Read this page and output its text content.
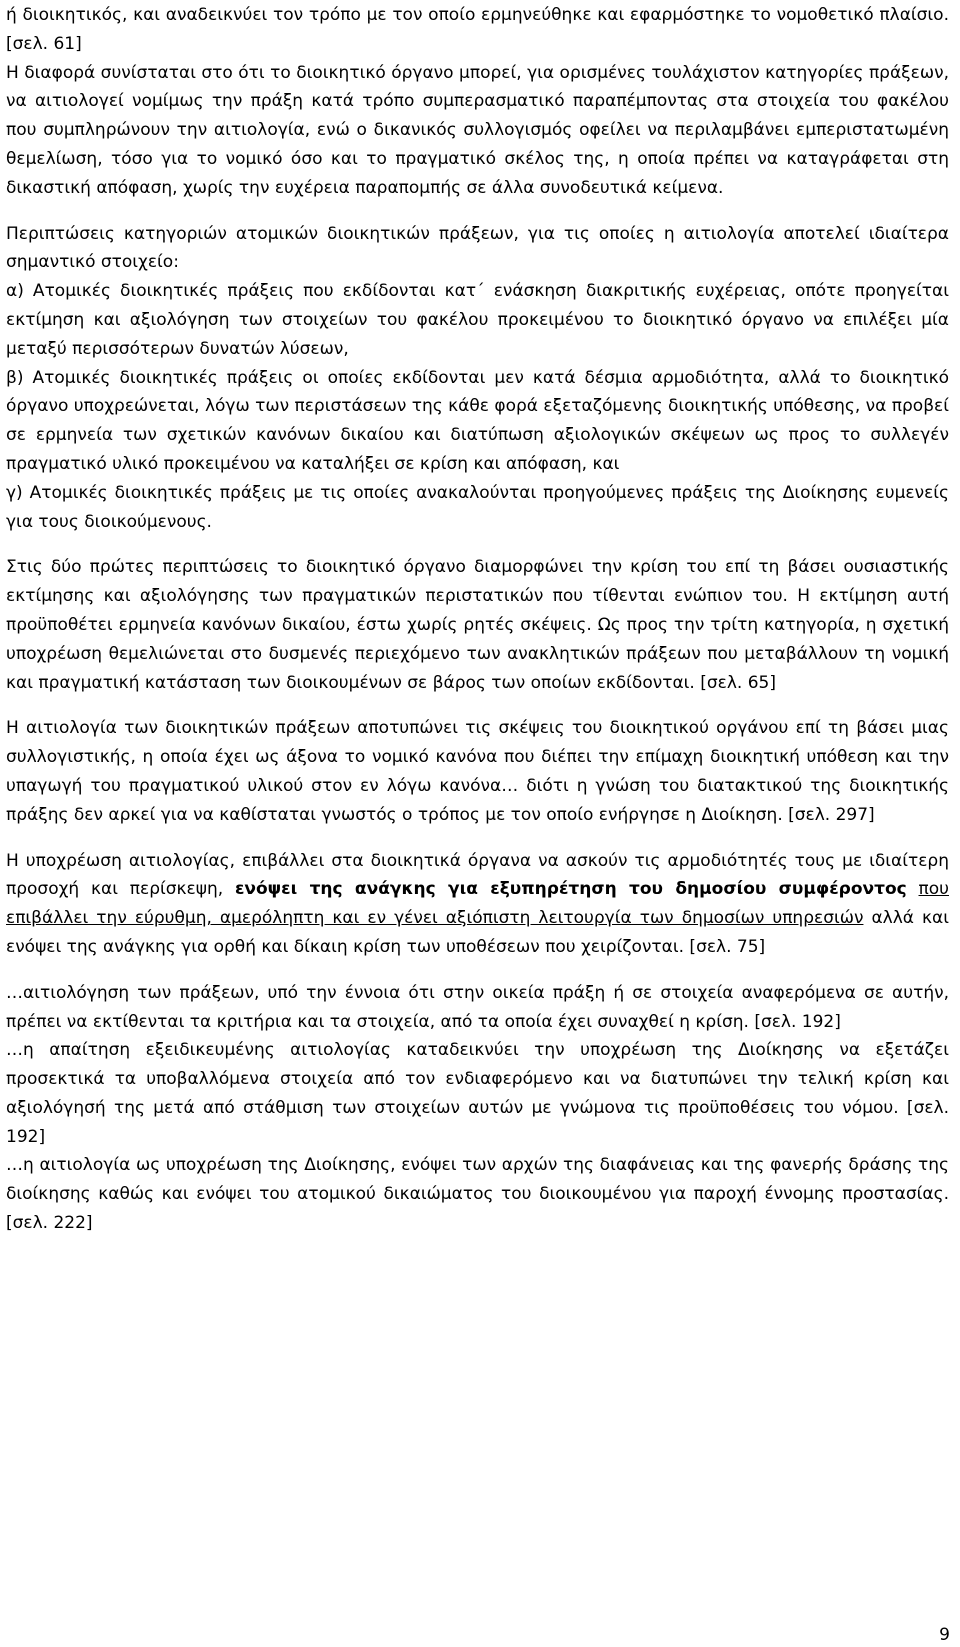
ή διοικητικός, και αναδεικνύει τον τρόπο με τον οποίο ερμηνεύθηκε και εφαρμόστηκε το νομοθετικό πλαίσιο. [σελ. 61]

Η διαφορά συνίσταται στο ότι το διοικητικό όργανο μπορεί, για ορισμένες τουλάχιστον κατηγορίες πράξεων, να αιτιολογεί νομίμως την πράξη κατά τρόπο συμπερασματικό παραπέμποντας στα στοιχεία του φακέλου που συμπληρώνουν την αιτιολογία, ενώ ο δικανικός συλλογισμός οφείλει να περιλαμβάνει εμπεριστατωμένη θεμελίωση, τόσο για το νομικό όσο και το πραγματικό σκέλος της, η οποία πρέπει να καταγράφεται στη δικαστική απόφαση, χωρίς την ευχέρεια παραπομπής σε άλλα συνοδευτικά κείμενα.

Περιπτώσεις κατηγοριών ατομικών διοικητικών πράξεων, για τις οποίες η αιτιολογία αποτελεί ιδιαίτερα σημαντικό στοιχείο:

α) Ατομικές διοικητικές πράξεις που εκδίδονται κατ΄ ενάσκηση διακριτικής ευχέρειας, οπότε προηγείται εκτίμηση και αξιολόγηση των στοιχείων του φακέλου προκειμένου το διοικητικό όργανο να επιλέξει μία μεταξύ περισσότερων δυνατών λύσεων,

β) Ατομικές διοικητικές πράξεις οι οποίες εκδίδονται μεν κατά δέσμια αρμοδιότητα, αλλά το διοικητικό όργανο υποχρεώνεται, λόγω των περιστάσεων της κάθε φορά εξεταζόμενης διοικητικής υπόθεσης, να προβεί σε ερμηνεία των σχετικών κανόνων δικαίου και διατύπωση αξιολογικών σκέψεων ως προς το συλλεγέν πραγματικό υλικό προκειμένου να καταλήξει σε κρίση και απόφαση, και

γ) Ατομικές διοικητικές πράξεις με τις οποίες ανακαλούνται προηγούμενες πράξεις της Διοίκησης ευμενείς για τους διοικούμενους.

Στις δύο πρώτες περιπτώσεις το διοικητικό όργανο διαμορφώνει την κρίση του επί τη βάσει ουσιαστικής εκτίμησης και αξιολόγησης των πραγματικών περιστατικών που τίθενται ενώπιον του. Η εκτίμηση αυτή προϋποθέτει ερμηνεία κανόνων δικαίου, έστω χωρίς ρητές σκέψεις. Ως προς την τρίτη κατηγορία, η σχετική υποχρέωση θεμελιώνεται στο δυσμενές περιεχόμενο των ανακλητικών πράξεων που μεταβάλλουν τη νομική και πραγματική κατάσταση των διοικουμένων σε βάρος των οποίων εκδίδονται. [σελ. 65]

Η αιτιολογία των διοικητικών πράξεων αποτυπώνει τις σκέψεις του διοικητικού οργάνου επί τη βάσει μιας συλλογιστικής, η οποία έχει ως άξονα το νομικό κανόνα που διέπει την επίμαχη διοικητική υπόθεση και την υπαγωγή του πραγματικού υλικού στον εν λόγω κανόνα… διότι η γνώση του διατακτικού της διοικητικής πράξης δεν αρκεί για να καθίσταται γνωστός ο τρόπος με τον οποίο ενήργησε η Διοίκηση. [σελ. 297]

Η υποχρέωση αιτιολογίας, επιβάλλει στα διοικητικά όργανα να ασκούν τις αρμοδιότητές τους με ιδιαίτερη προσοχή και περίσκεψη, ενόψει της ανάγκης για εξυπηρέτηση του δημοσίου συμφέροντος που επιβάλλει την εύρυθμη, αμερόληπτη και εν γένει αξιόπιστη λειτουργία των δημοσίων υπηρεσιών αλλά και ενόψει της ανάγκης για ορθή και δίκαιη κρίση των υποθέσεων που χειρίζονται. [σελ. 75]

…αιτιολόγηση των πράξεων, υπό την έννοια ότι στην οικεία πράξη ή σε στοιχεία αναφερόμενα σε αυτήν, πρέπει να εκτίθενται τα κριτήρια και τα στοιχεία, από τα οποία έχει συναχθεί η κρίση. [σελ. 192]

…η απαίτηση εξειδικευμένης αιτιολογίας καταδεικνύει την υποχρέωση της Διοίκησης να εξετάζει προσεκτικά τα υποβαλλόμενα στοιχεία από τον ενδιαφερόμενο και να διατυπώνει την τελική κρίση και αξιολόγησή της μετά από στάθμιση των στοιχείων αυτών με γνώμονα τις προϋποθέσεις του νόμου. [σελ. 192]

…η αιτιολογία ως υποχρέωση της Διοίκησης, ενόψει των αρχών της διαφάνειας και της φανερής δράσης της διοίκησης καθώς και ενόψει του ατομικού δικαιώματος του διοικουμένου για παροχή έννομης προστασίας. [σελ. 222]

9
